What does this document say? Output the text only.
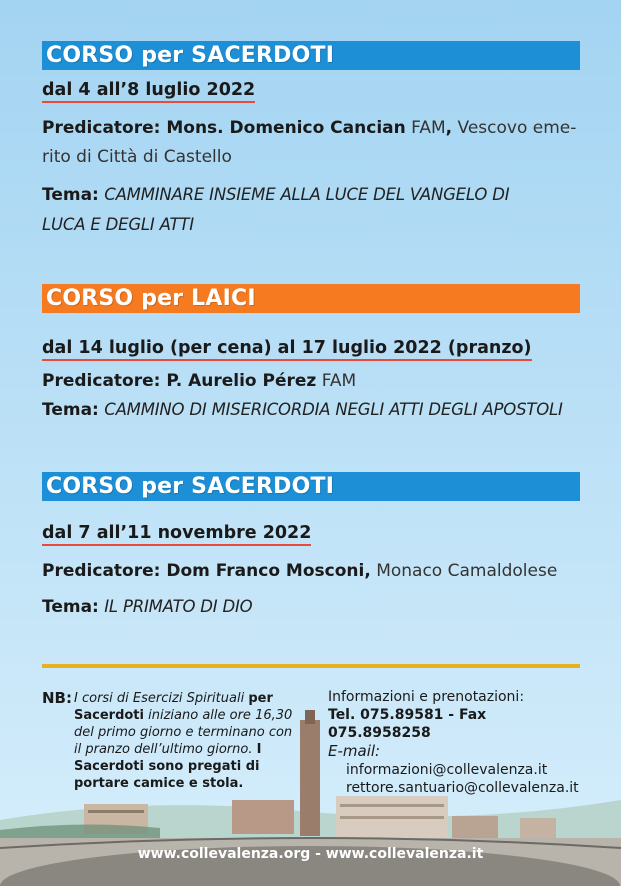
CORSO per SACERDOTI
dal 4 all’8 luglio 2022
Predicatore: Mons. Domenico Cancian FAM, Vescovo eme-
rito di Città di Castello
Tema: CAMMINARE INSIEME ALLA LUCE DEL VANGELO DI
LUCA E DEGLI ATTI
CORSO per LAICI
dal 14 luglio (per cena) al 17 luglio 2022 (pranzo)
Predicatore: P. Aurelio Pérez FAM
Tema: CAMMINO DI MISERICORDIA NEGLI ATTI DEGLI APOSTOLI
CORSO per SACERDOTI
dal 7 all’11 novembre 2022
Predicatore: Dom Franco Mosconi, Monaco Camaldolese
Tema: IL PRIMATO DI DIO
NB: I corsi di Esercizi Spirituali per Sacerdoti iniziano alle ore 16,30 del primo giorno e terminano con il pranzo dell’ultimo giorno. I Sacerdoti sono pregati di portare camice e stola.
Informazioni e prenotazioni:
Tel. 075.89581 - Fax 075.8958258
E-mail:
informazioni@collevalenza.it
rettore.santuario@collevalenza.it
www.collevalenza.org - www.collevalenza.it
